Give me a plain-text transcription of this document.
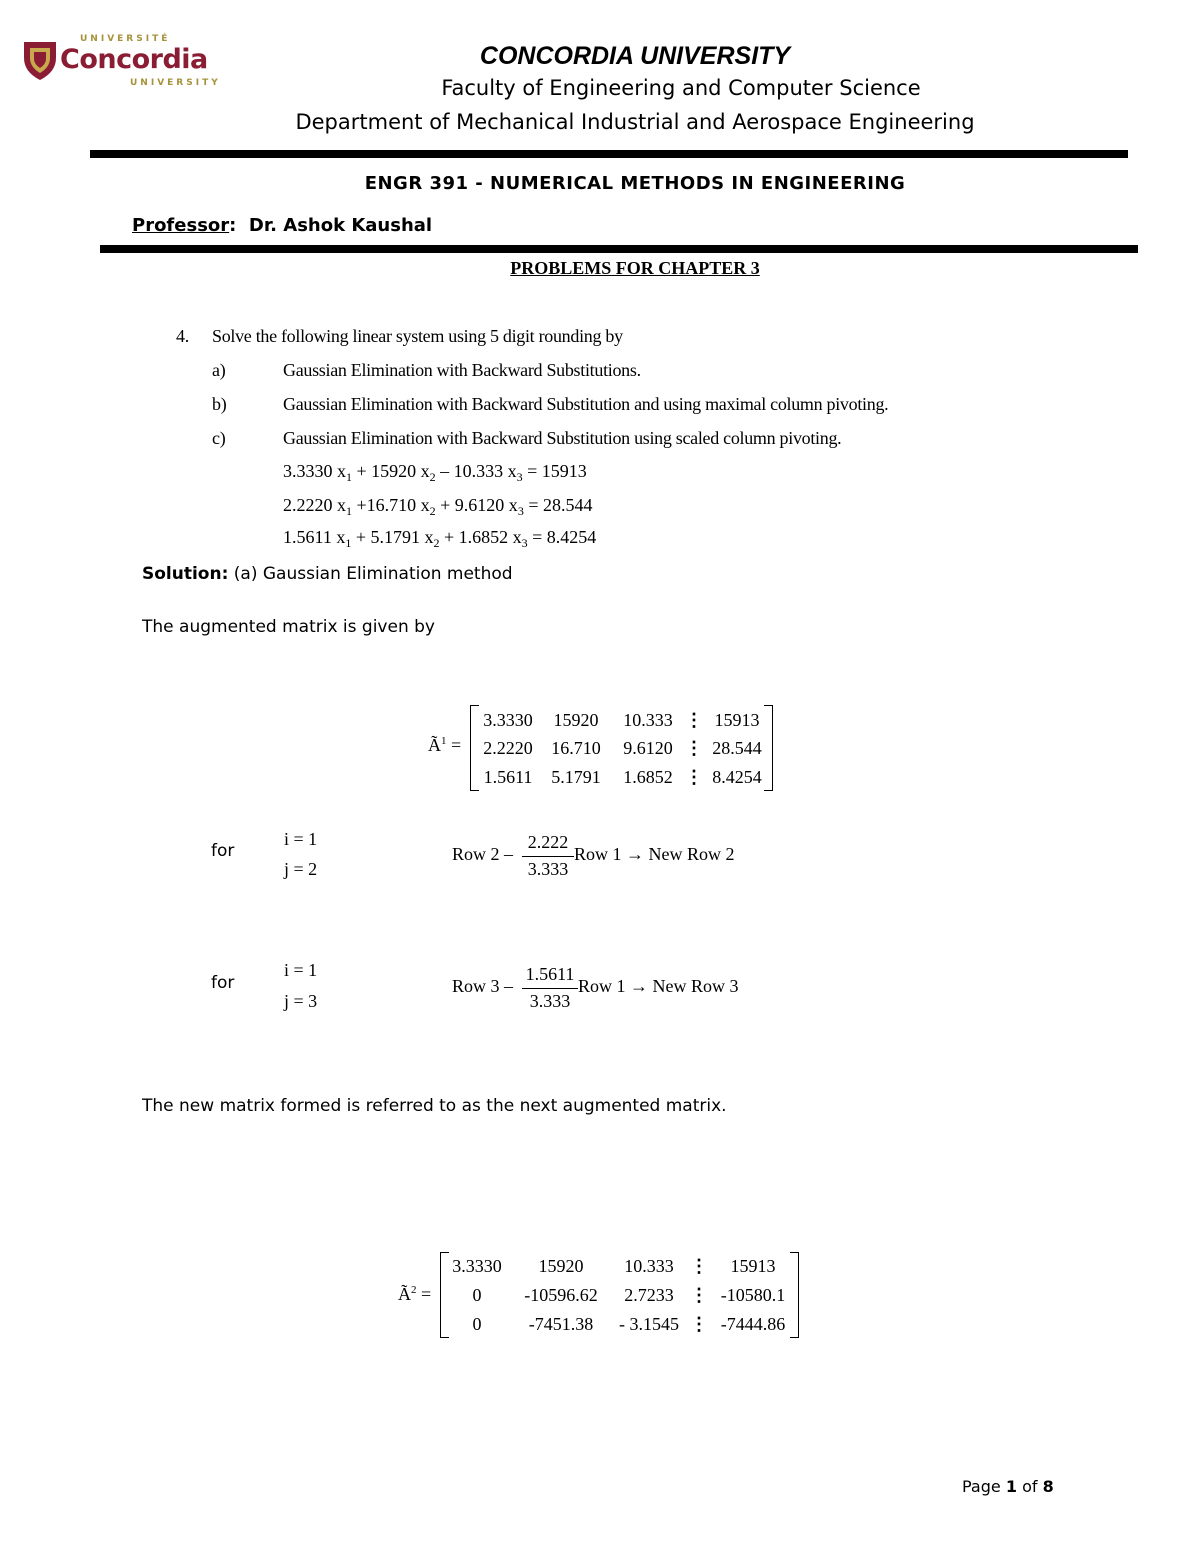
UNIVERSITÉ
Concordia
UNIVERSITY
CONCORDIA UNIVERSITY
Faculty of Engineering and Computer Science
Department of Mechanical Industrial and Aerospace Engineering
ENGR 391 - NUMERICAL METHODS IN ENGINEERING
Professor: Dr. Ashok Kaushal
PROBLEMS FOR CHAPTER 3
4. Solve the following linear system using 5 digit rounding by
a)	Gaussian Elimination with Backward Substitutions.
b)	Gaussian Elimination with Backward Substitution and using maximal column pivoting.
c)	Gaussian Elimination with Backward Substitution using scaled column pivoting.
3.3330 $x_1 + 15920$ $x_2 - 10.333$ $x_3 = 15913$
2.2220 $x_1 +16.710$ $x_2 + 9.6120$ $x_3 = 28.544$
1.5611 $x_1 + 5.1791$ $x_2 + 1.6852$ $x_3 = 8.4254$
Solution: (a) Gaussian Elimination method
The augmented matrix is given by
$Ã^1$ =
3.3330	15920	10.333 ⋮ 15913
2.2220 16.710	9.6120 ⋮ 28.544
1.5611	5.1791	1.6852 ⋮ 8.4254
for
i = 1
j = 2
Row 2 –
2.222
3.333
Row 1 → New Row 2
for
i = 1
j = 3
Row 3 –
1.5611
3.333
Row 1 → New Row 3
The new matrix formed is referred to as the next augmented matrix.
$Ã^2$ =
3.3330	15920	10.333 ⋮	15913
0	-10596.62	2.7233 ⋮ -10580.1
0	-7451.38	- 3.1545 ⋮ -7444.86
Page 1 of 8
